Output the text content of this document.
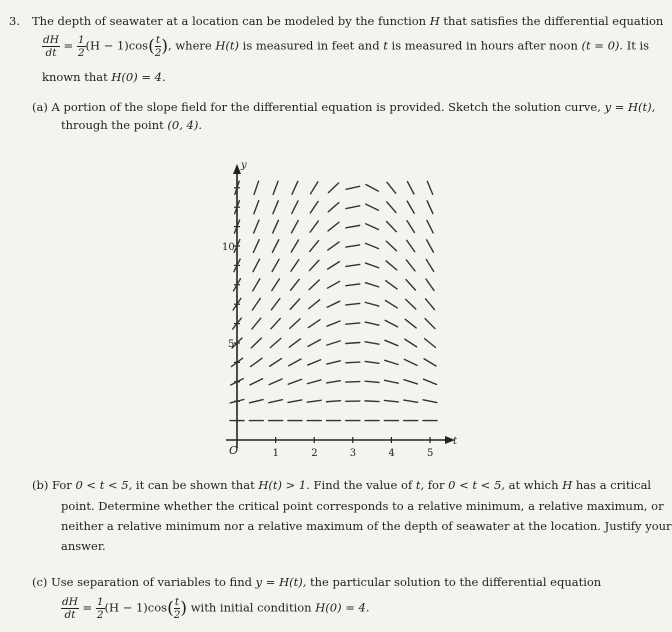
3. The depth of seawater at a location can be modeled by the function H that satisfies the differential equation
$\frac{dH}{dt} = \frac{1}{2} (H - 1)\cos( \frac{t}{2}$ ), where H(t) is measured in feet and t is measured in hours after noon (t = 0). It is
known that H(0) = 4.
(a) A portion of the slope field for the differential equation is provided. Sketch the solution curve, y = H(t),
through the point (0, 4).
y
t
O	1	2	3	4	5
5
10
(b) For 0 < t < 5, it can be shown that H(t) > 1. Find the value of t, for 0 < t < 5, at which H has a critical
point. Determine whether the critical point corresponds to a relative minimum, a relative maximum, or
neither a relative minimum nor a relative maximum of the depth of seawater at the location. Justify your
answer.
(c) Use separation of variables to find y = H(t), the particular solution to the differential equation
$\frac{dH}{dt} = \frac{1}{2} (H - 1)\cos( \frac{t}{2}$ ) with initial condition H(0) = 4.
